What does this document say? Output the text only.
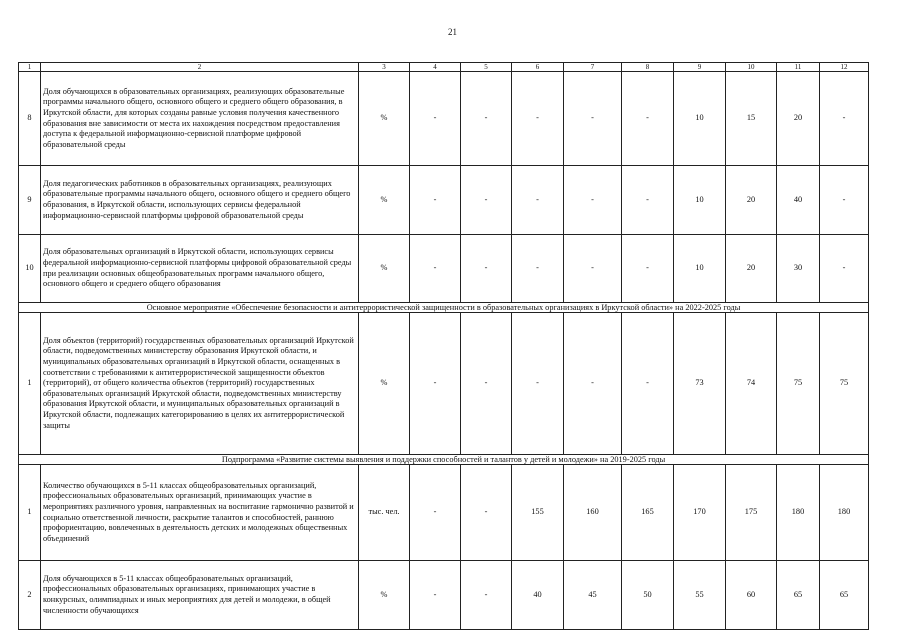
21
1	2	3	4	5	6	7	8	9	10	11	12
8	Доля обучающихся в образовательных организациях, реализующих образовательные программы начального общего, основного общего и среднего общего образования, в Иркутской области, для которых созданы равные условия получения качественного образования вне зависимости от места их нахождения посредством предоставления доступа к федеральной информационно-сервисной платформе цифровой образовательной среды	%	-	-	-	-	-	10	15	20	-
9	Доля педагогических работников в образовательных организациях, реализующих образовательные программы начального общего, основного общего и среднего общего образования, в Иркутской области, использующих сервисы федеральной информационно-сервисной платформы цифровой образовательной среды	%	-	-	-	-	-	10	20	40	-
10	Доля образовательных организаций в Иркутской области, использующих сервисы федеральной информационно-сервисной платформы цифровой образовательной среды при реализации основных общеобразовательных программ начального общего, основного общего и среднего общего образования	%	-	-	-	-	-	10	20	30	-
Основное мероприятие «Обеспечение безопасности и антитеррористической защищенности в образовательных организациях в Иркутской области» на 2022-2025 годы											
1	Доля объектов (территорий) государственных образовательных организаций Иркутской области, подведомственных министерству образования Иркутской области, и муниципальных образовательных организаций в Иркутской области, оснащенных в соответствии с требованиями к антитеррористической защищенности объектов (территорий), от общего количества объектов (территорий) государственных образовательных организаций Иркутской области, подведомственных министерству образования Иркутской области, и муниципальных образовательных организаций в Иркутской области, подлежащих категорированию в целях их антитеррористической защиты	%	-	-	-	-	-	73	74	75	75
Подпрограмма «Развитие системы выявления и поддержки способностей и талантов у детей и молодежи» на 2019-2025 годы											
1	Количество обучающихся в 5-11 классах общеобразовательных организаций, профессиональных образовательных организаций, принимающих участие в мероприятиях различного уровня, направленных на воспитание гармонично развитой и социально ответственной личности, раскрытие талантов и способностей, раннюю профориентацию, вовлеченных в деятельность детских и молодежных общественных объединений	тыс. чел.	-	-	155	160	165	170	175	180	180
2	Доля обучающихся в 5-11 классах общеобразовательных организаций, профессиональных образовательных организациях, принимающих участие в конкурсных, олимпиадных и иных мероприятиях для детей и молодежи, в общей численности обучающихся	%	-	-	40	45	50	55	60	65	65
